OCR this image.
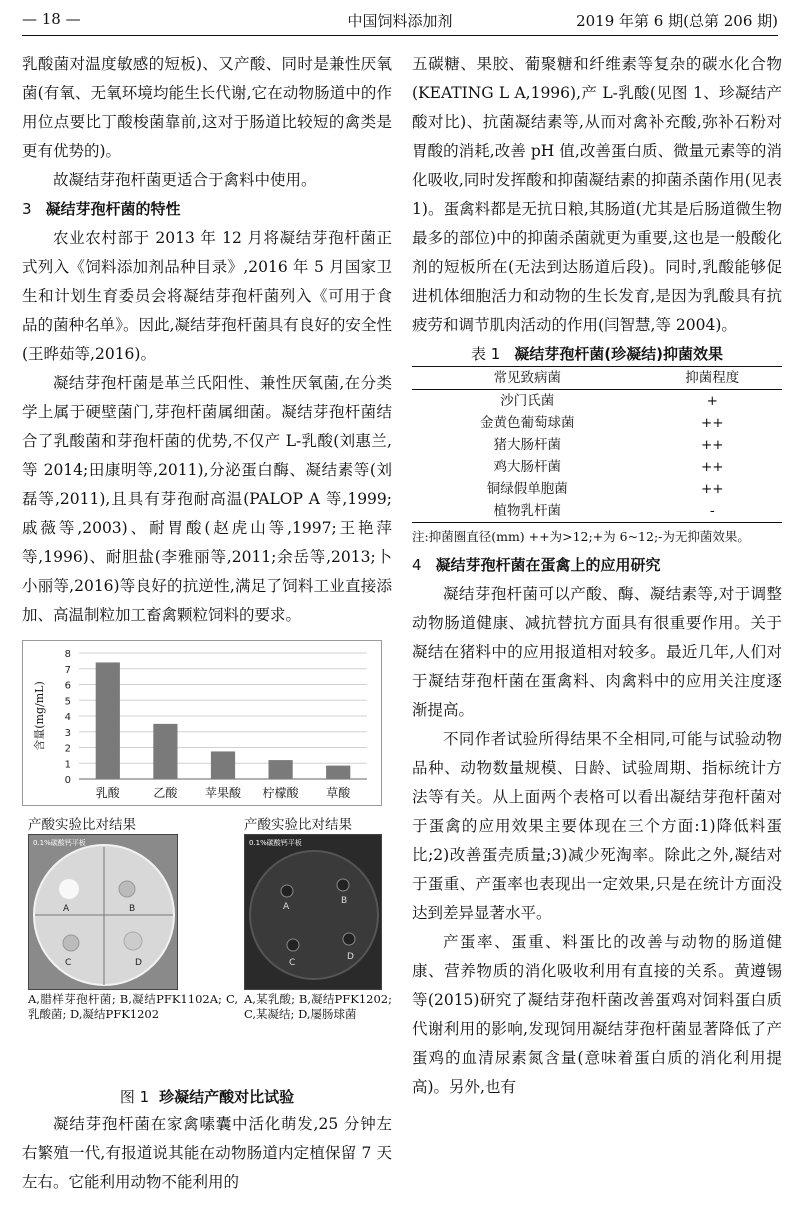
— 18 —	中国饲料添加剂	2019 年第 6 期(总第 206 期)

乳酸菌对温度敏感的短板)、又产酸、同时是兼性厌氧菌(有氧、无氧环境均能生长代谢,它在动物肠道中的作用位点要比丁酸梭菌靠前,这对于肠道比较短的禽类是更有优势的)。

故凝结芽孢杆菌更适合于禽料中使用。

3 凝结芽孢杆菌的特性

农业农村部于 2013 年 12 月将凝结芽孢杆菌正式列入《饲料添加剂品种目录》,2016 年 5 月国家卫生和计划生育委员会将凝结芽孢杆菌列入《可用于食品的菌种名单》。因此,凝结芽孢杆菌具有良好的安全性(王晔茹等,2016)。

凝结芽孢杆菌是革兰氏阳性、兼性厌氧菌,在分类学上属于硬壁菌门,芽孢杆菌属细菌。凝结芽孢杆菌结合了乳酸菌和芽孢杆菌的优势,不仅产 L-乳酸(刘惠兰, 等 2014;田康明等,2011),分泌蛋白酶、凝结素等(刘磊等,2011),且具有芽孢耐高温(PALOP A 等,1999;戚薇等,2003)、耐胃酸(赵虎山等,1997;王艳萍等,1996)、耐胆盐(李雅丽等,2011;余岳等,2013;卜小丽等,2016)等良好的抗逆性,满足了饲料工业直接添加、高温制粒加工畜禽颗粒饲料的要求。

0
1
2
3
4
5
6
7
8
乳酸	乙酸 苹果酸 柠檬酸 草酸
含量(mg/mL)
产酸实验比对结果
A	B
C	D
0.1%碳酸钙平板
A,腊样芽孢杆菌; B,凝结PFK1102A; C,乳酸菌; D,凝结PFK1202
产酸实验比对结果
A
B
C
D
0.1%碳酸钙平板
A,某乳酸; B,凝结PFK1202; C,某凝结; D,屡肠球菌
图 1 珍凝结产酸对比试验

凝结芽孢杆菌在家禽嗉囊中活化萌发,25 分钟左右繁殖一代,有报道说其能在动物肠道内定植保留 7 天左右。它能利用动物不能利用的

五碳糖、果胶、葡聚糖和纤维素等复杂的碳水化合物(KEATING L A,1996),产 L-乳酸(见图 1、珍凝结产酸对比)、抗菌凝结素等,从而对禽补充酸,弥补石粉对胃酸的消耗,改善 pH 值,改善蛋白质、微量元素等的消化吸收,同时发挥酸和抑菌凝结素的抑菌杀菌作用(见表 1)。蛋禽料都是无抗日粮,其肠道(尤其是后肠道微生物最多的部位)中的抑菌杀菌就更为重要,这也是一般酸化剂的短板所在(无法到达肠道后段)。同时,乳酸能够促进机体细胞活力和动物的生长发育,是因为乳酸具有抗疲劳和调节肌肉活动的作用(闫智慧,等 2004)。

表 1 凝结芽孢杆菌(珍凝结)抑菌效果
常见致病菌	抑菌程度
沙门氏菌	+
金黄色葡萄球菌	++
猪大肠杆菌	++
鸡大肠杆菌	++
铜绿假单胞菌	++
植物乳杆菌	-
注:抑菌圈直径(mm) ++为>12;+为 6~12;-为无抑菌效果。
4 凝结芽孢杆菌在蛋禽上的应用研究

凝结芽孢杆菌可以产酸、酶、凝结素等,对于调整动物肠道健康、减抗替抗方面具有很重要作用。关于凝结在猪料中的应用报道相对较多。最近几年,人们对于凝结芽孢杆菌在蛋禽料、肉禽料中的应用关注度逐渐提高。

不同作者试验所得结果不全相同,可能与试验动物品种、动物数量规模、日龄、试验周期、指标统计方法等有关。从上面两个表格可以看出凝结芽孢杆菌对于蛋禽的应用效果主要体现在三个方面:1)降低料蛋比;2)改善蛋壳质量;3)减少死淘率。除此之外,凝结对于蛋重、产蛋率也表现出一定效果,只是在统计方面没达到差异显著水平。

产蛋率、蛋重、料蛋比的改善与动物的肠道健康、营养物质的消化吸收利用有直接的关系。黄遵锡等(2015)研究了凝结芽孢杆菌改善蛋鸡对饲料蛋白质代谢利用的影响,发现饲用凝结芽孢杆菌显著降低了产蛋鸡的血清尿素氮含量(意味着蛋白质的消化利用提高)。另外,也有
